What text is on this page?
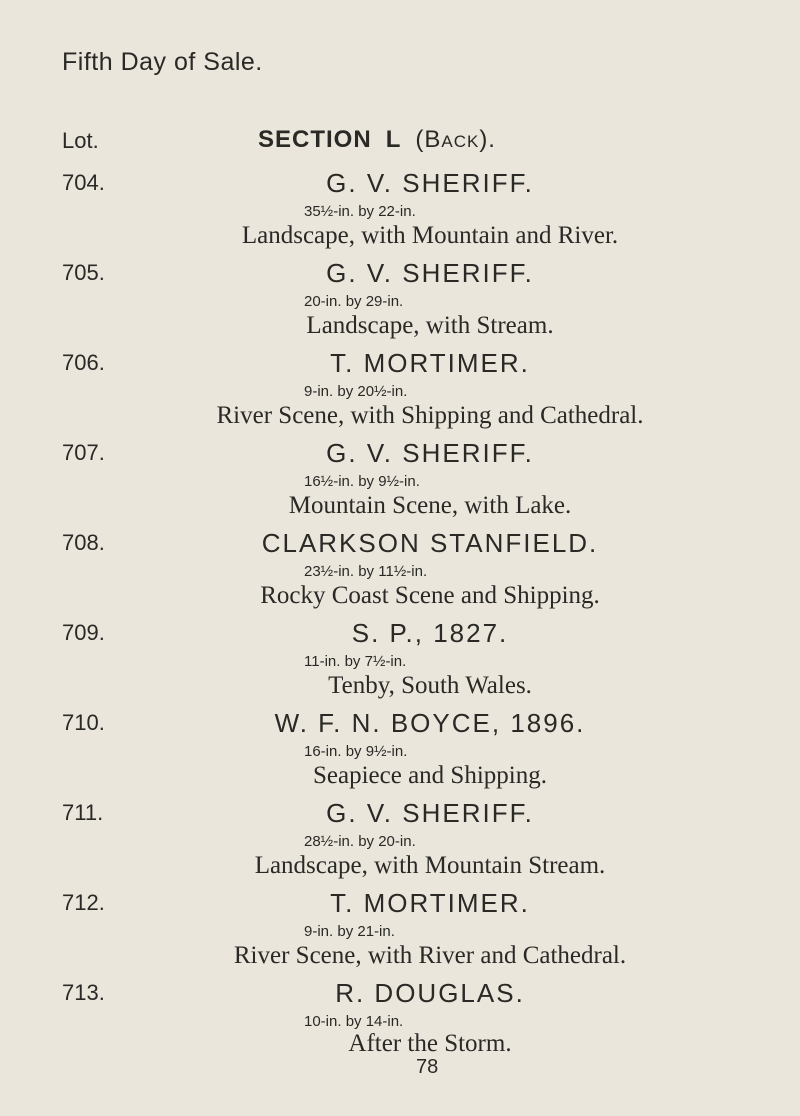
Fifth Day of Sale.
Lot.	SECTION L (Back).
704.	G. V. SHERIFF.
35½-in. by 22-in.
Landscape, with Mountain and River.
705.	G. V. SHERIFF.
20-in. by 29-in.
Landscape, with Stream.
706.	T. MORTIMER.
9-in. by 20½-in.
River Scene, with Shipping and Cathedral.
707.	G. V. SHERIFF.
16½-in. by 9½-in.
Mountain Scene, with Lake.
708.	CLARKSON STANFIELD.
23½-in. by 11½-in.
Rocky Coast Scene and Shipping.
709.	S. P., 1827.
11-in. by 7½-in.
Tenby, South Wales.
710.	W. F. N. BOYCE, 1896.
16-in. by 9½-in.
Seapiece and Shipping.
711.	G. V. SHERIFF.
28½-in. by 20-in.
Landscape, with Mountain Stream.
712.	T. MORTIMER.
9-in. by 21-in.
River Scene, with River and Cathedral.
713.	R. DOUGLAS.
10-in. by 14-in.
After the Storm.
78
